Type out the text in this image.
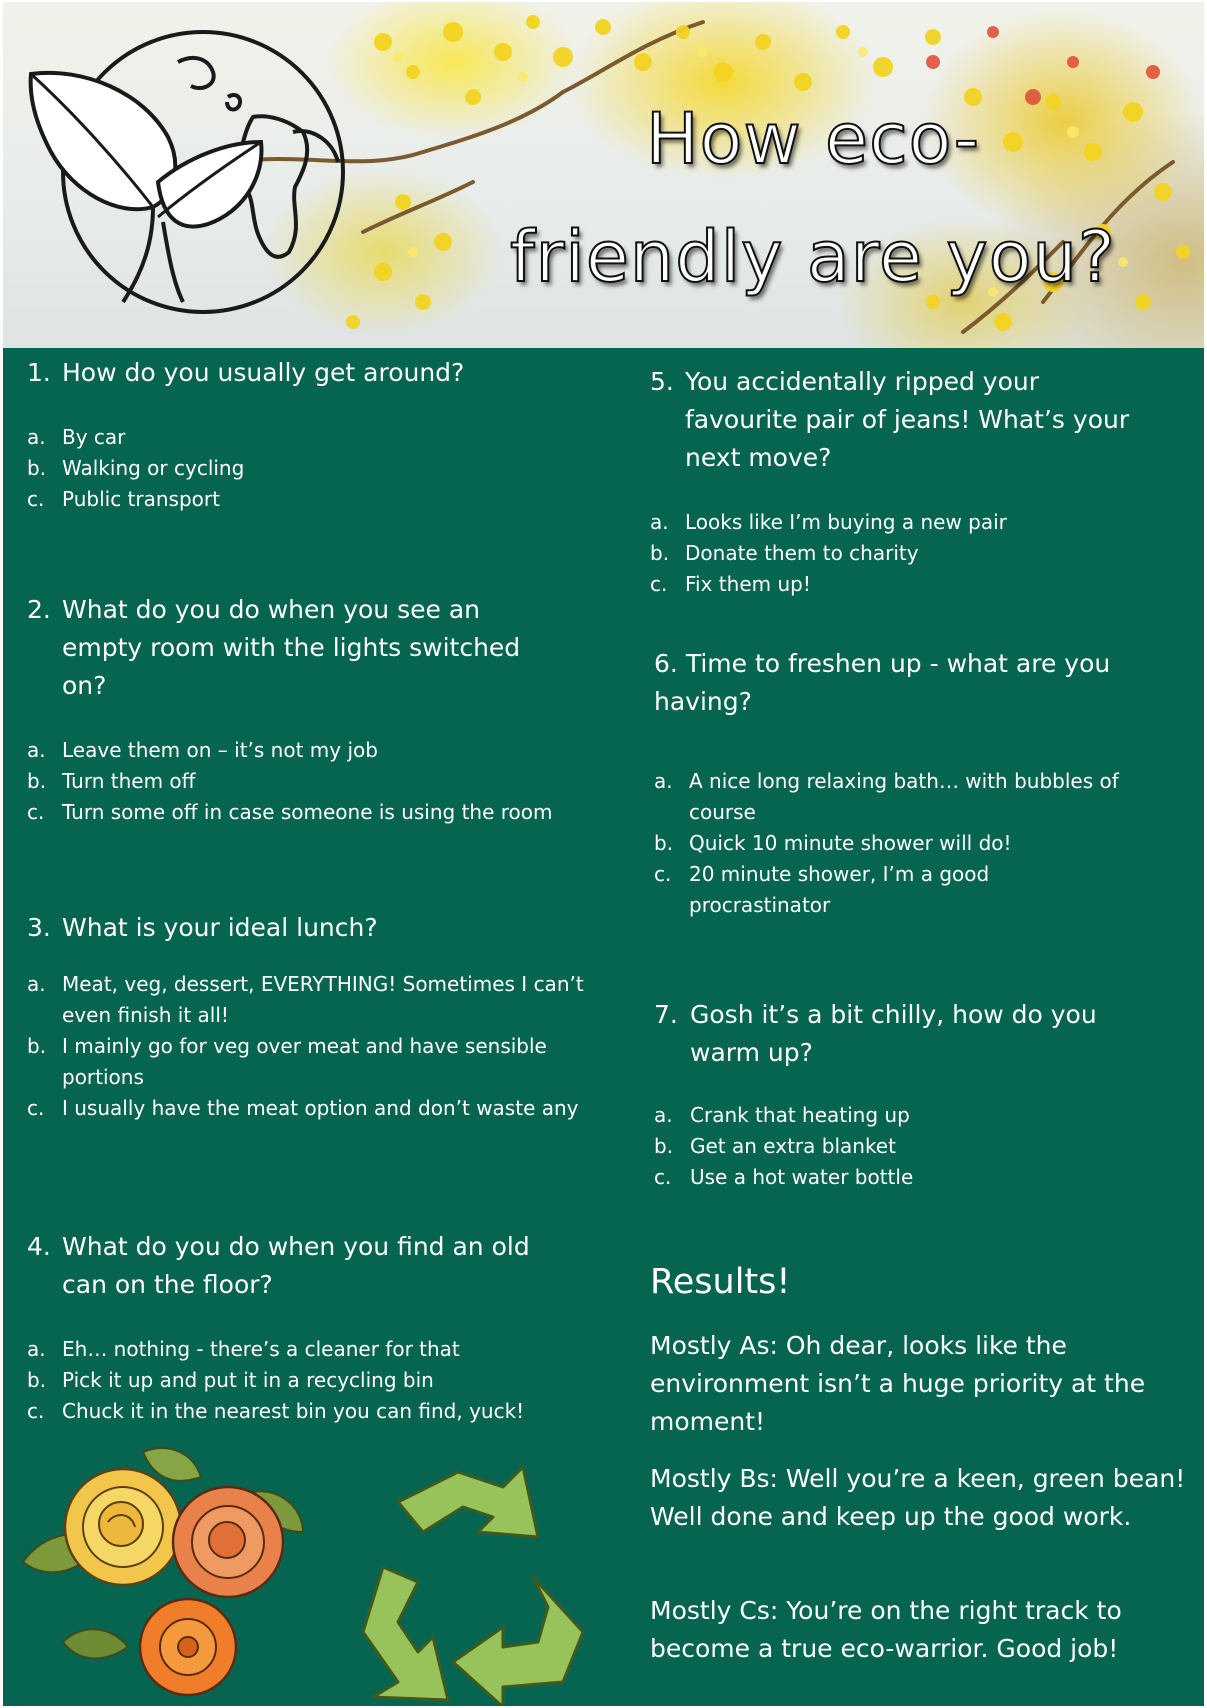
How eco-
friendly are you?
1. How do you usually get around?
a. By car
b. Walking or cycling
c. Public transport
2. What do you do when you see an empty room with the lights switched on?
a. Leave them on – it’s not my job
b. Turn them off
c. Turn some off in case someone is using the room
3. What is your ideal lunch?
a. Meat, veg, dessert, EVERYTHING! Sometimes I can’t even finish it all!
b. I mainly go for veg over meat and have sensible portions
c. I usually have the meat option and don’t waste any
4. What do you do when you find an old can on the floor?
a. Eh… nothing - there’s a cleaner for that
b. Pick it up and put it in a recycling bin
c. Chuck it in the nearest bin you can find, yuck!
5. You accidentally ripped your favourite pair of jeans! What’s your next move?
a. Looks like I’m buying a new pair
b. Donate them to charity
c. Fix them up!
6. Time to freshen up - what are you having?
a. A nice long relaxing bath… with bubbles of course
b. Quick 10 minute shower will do!
c. 20 minute shower, I’m a good procrastinator
7. Gosh it’s a bit chilly, how do you warm up?
a. Crank that heating up
b. Get an extra blanket
c. Use a hot water bottle
Results!

Mostly As: Oh dear, looks like the environment isn’t a huge priority at the moment!

Mostly Bs: Well you’re a keen, green bean! Well done and keep up the good work.

Mostly Cs: You’re on the right track to become a true eco-warrior. Good job!
